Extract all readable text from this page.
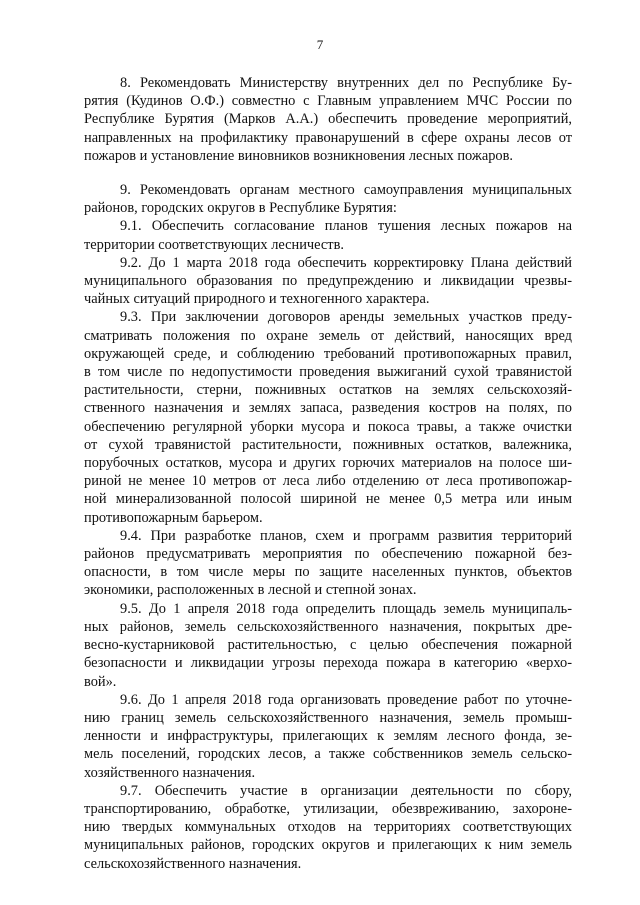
7
8. Рекомендовать Министерству внутренних дел по Республике Бу-
рятия (Кудинов О.Ф.) совместно с Главным управлением МЧС России по
Республике Бурятия (Марков А.А.) обеспечить проведение мероприятий,
направленных на профилактику правонарушений в сфере охраны лесов от
пожаров и установление виновников возникновения лесных пожаров.
9. Рекомендовать органам местного самоуправления муниципальных
районов, городских округов в Республике Бурятия:
9.1. Обеспечить согласование планов тушения лесных пожаров на
территории соответствующих лесничеств.
9.2. До 1 марта 2018 года обеспечить корректировку Плана действий
муниципального образования по предупреждению и ликвидации чрезвы-
чайных ситуаций природного и техногенного характера.
9.3. При заключении договоров аренды земельных участков преду-
сматривать положения по охране земель от действий, наносящих вред
окружающей среде, и соблюдению требований противопожарных правил,
в том числе по недопустимости проведения выжиганий сухой травянистой
растительности, стерни, пожнивных остатков на землях сельскохозяй-
ственного назначения и землях запаса, разведения костров на полях, по
обеспечению регулярной уборки мусора и покоса травы, а также очистки
от сухой травянистой растительности, пожнивных остатков, валежника,
порубочных остатков, мусора и других горючих материалов на полосе ши-
риной не менее 10 метров от леса либо отделению от леса противопожар-
ной минерализованной полосой шириной не менее 0,5 метра или иным
противопожарным барьером.
9.4. При разработке планов, схем и программ развития территорий
районов предусматривать мероприятия по обеспечению пожарной без-
опасности, в том числе меры по защите населенных пунктов, объектов
экономики, расположенных в лесной и степной зонах.
9.5. До 1 апреля 2018 года определить площадь земель муниципаль-
ных районов, земель сельскохозяйственного назначения, покрытых дре-
весно-кустарниковой растительностью, с целью обеспечения пожарной
безопасности и ликвидации угрозы перехода пожара в категорию «верхо-
вой».
9.6. До 1 апреля 2018 года организовать проведение работ по уточне-
нию границ земель сельскохозяйственного назначения, земель промыш-
ленности и инфраструктуры, прилегающих к землям лесного фонда, зе-
мель поселений, городских лесов, а также собственников земель сельско-
хозяйственного назначения.
9.7. Обеспечить участие в организации деятельности по сбору,
транспортированию, обработке, утилизации, обезвреживанию, захороне-
нию твердых коммунальных отходов на территориях соответствующих
муниципальных районов, городских округов и прилегающих к ним земель
сельскохозяйственного назначения.
